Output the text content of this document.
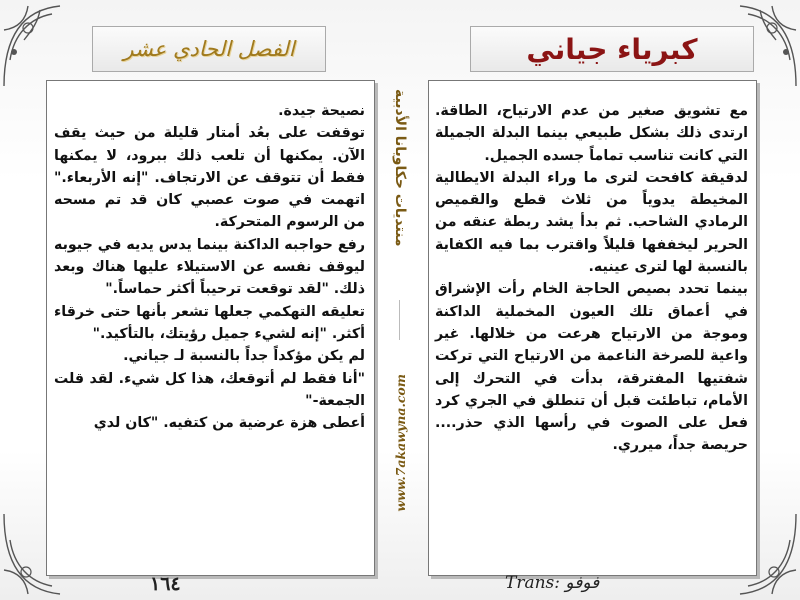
الفصل الحادي عشر	كبرياء جياني

نصيحة جيدة.

توقفت على بعُد أمتار قليلة من حيث يقف الآن. يمكنها أن تلعب ذلك ببرود، لا يمكنها فقط أن تتوقف عن الارتجاف. "إنه الأربعاء." اتهمت في صوت عصبي كان قد تم مسحه من الرسوم المتحركة.

رفع حواجبه الداكنة بينما يدس يديه في جيوبه ليوقف نفسه عن الاستيلاء عليها هناك وبعد ذلك. "لقد توقعت ترحيباً أكثر حماساً."

تعليقه التهكمي جعلها تشعر بأنها حتى خرقاء أكثر. "إنه لشيء جميل رؤيتك، بالتأكيد."

لم يكن مؤكداً جداً بالنسبة لـ جياني.

"أنا فقط لم أتوقعك، هذا كل شيء. لقد قلت الجمعة-"

أعطى هزة عرضية من كتفيه. "كان لدي

مع تشويق صغير من عدم الارتياح، الطاقة. ارتدى ذلك بشكل طبيعي بينما البدلة الجميلة التي كانت تناسب تماماً جسده الجميل.

لدقيقة كافحت لترى ما وراء البدلة الايطالية المخيطة يدوياً من ثلاث قطع والقميص الرمادي الشاحب. ثم بدأ يشد ربطة عنقه من الحرير ليخففها قليلاً واقترب بما فيه الكفاية بالنسبة لها لترى عينيه.

بينما تحدد بصيص الحاجة الخام رأت الإشراق في أعماق تلك العيون المخملية الداكنة وموجة من الارتياح هرعت من خلالها. غير واعية للصرخة الناعمة من الارتياح التي تركت شفتيها المفترقة، بدأت في التحرك إلى الأمام، تباطئت قبل أن تنطلق في الجري كرد فعل على الصوت في رأسها الذي حذر.... حريصة جداً، ميرري.

منتديات حكاويانا الأدبية
www.7akawyna.com
١٦٤	Trans: فوفو
